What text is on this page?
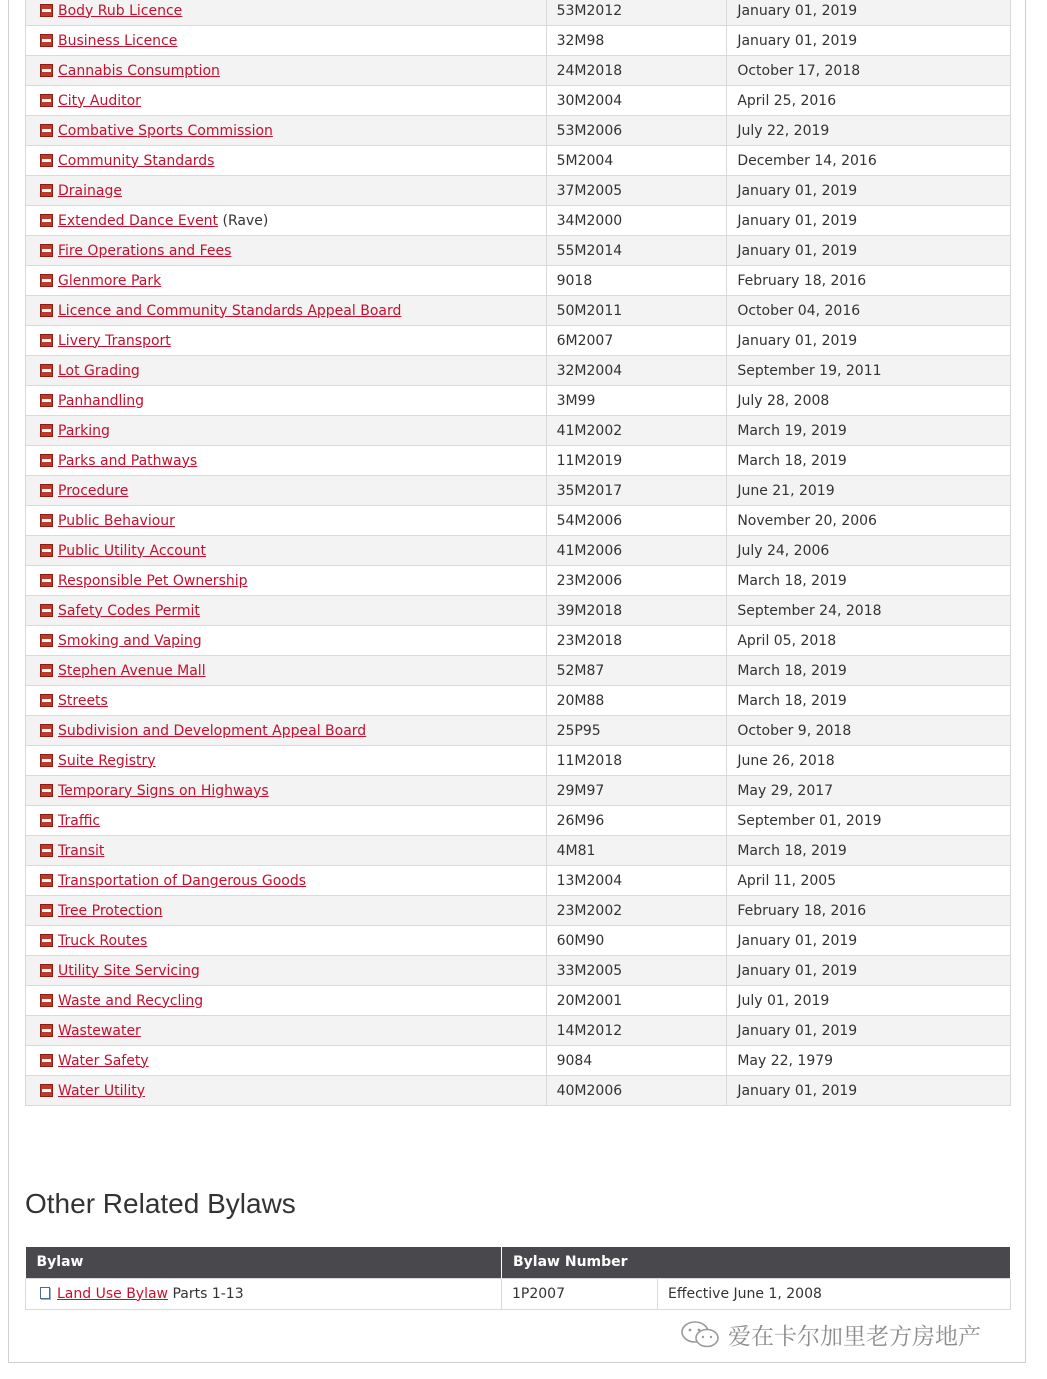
Body Rub Licence	53M2012	January 01, 2019
Business Licence	32M98	January 01, 2019
Cannabis Consumption	24M2018	October 17, 2018
City Auditor	30M2004	April 25, 2016
Combative Sports Commission	53M2006	July 22, 2019
Community Standards	5M2004	December 14, 2016
Drainage	37M2005	January 01, 2019
Extended Dance Event (Rave)	34M2000	January 01, 2019
Fire Operations and Fees	55M2014	January 01, 2019
Glenmore Park	9018	February 18, 2016
Licence and Community Standards Appeal Board	50M2011	October 04, 2016
Livery Transport	6M2007	January 01, 2019
Lot Grading	32M2004	September 19, 2011
Panhandling	3M99	July 28, 2008
Parking	41M2002	March 19, 2019
Parks and Pathways	11M2019	March 18, 2019
Procedure	35M2017	June 21, 2019
Public Behaviour	54M2006	November 20, 2006
Public Utility Account	41M2006	July 24, 2006
Responsible Pet Ownership	23M2006	March 18, 2019
Safety Codes Permit	39M2018	September 24, 2018
Smoking and Vaping	23M2018	April 05, 2018
Stephen Avenue Mall	52M87	March 18, 2019
Streets	20M88	March 18, 2019
Subdivision and Development Appeal Board	25P95	October 9, 2018
Suite Registry	11M2018	June 26, 2018
Temporary Signs on Highways	29M97	May 29, 2017
Traffic	26M96	September 01, 2019
Transit	4M81	March 18, 2019
Transportation of Dangerous Goods	13M2004	April 11, 2005
Tree Protection	23M2002	February 18, 2016
Truck Routes	60M90	January 01, 2019
Utility Site Servicing	33M2005	January 01, 2019
Waste and Recycling	20M2001	July 01, 2019
Wastewater	14M2012	January 01, 2019
Water Safety	9084	May 22, 1979
Water Utility	40M2006	January 01, 2019
Other Related Bylaws
Bylaw	Bylaw Number	
Land Use Bylaw Parts 1-13	1P2007	Effective June 1, 2008
爱在卡尔加里老方房地产
